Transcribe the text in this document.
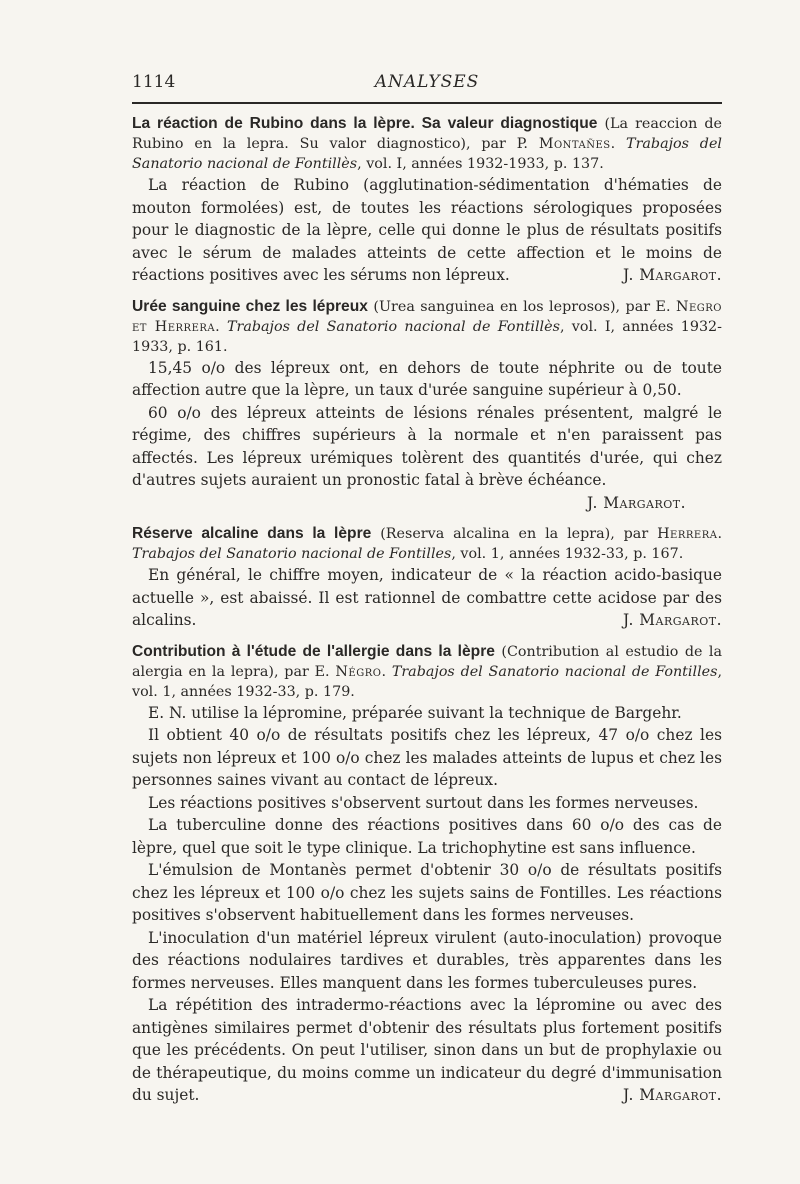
1114	ANALYSES

La réaction de Rubino dans la lèpre. Sa valeur diagnostique (La reaccion de Rubino en la lepra. Su valor diagnostico), par P. Montañes. Trabajos del Sanatorio nacional de Fontillès, vol. I, années 1932-1933, p. 137.

La réaction de Rubino (agglutination-sédimentation d'hématies de mouton formolées) est, de toutes les réactions sérologiques proposées pour le diagnostic de la lèpre, celle qui donne le plus de résultats positifs avec le sérum de malades atteints de cette affection et le moins de réactions positives avec les sérums non lépreux.	J. Margarot.

Urée sanguine chez les lépreux (Urea sanguinea en los leprosos), par E. Negro et Herrera. Trabajos del Sanatorio nacional de Fontillès, vol. I, années 1932-1933, p. 161.

15,45 o/o des lépreux ont, en dehors de toute néphrite ou de toute affection autre que la lèpre, un taux d'urée sanguine supérieur à 0,50.

60 o/o des lépreux atteints de lésions rénales présentent, malgré le régime, des chiffres supérieurs à la normale et n'en paraissent pas affectés. Les lépreux urémiques tolèrent des quantités d'urée, qui chez d'autres sujets auraient un pronostic fatal à brève échéance.

J. Margarot.

Réserve alcaline dans la lèpre (Reserva alcalina en la lepra), par Herrera. Trabajos del Sanatorio nacional de Fontilles, vol. 1, années 1932-33, p. 167.

En général, le chiffre moyen, indicateur de « la réaction acido-basique actuelle », est abaissé. Il est rationnel de combattre cette acidose par des alcalins.	J. Margarot.

Contribution à l'étude de l'allergie dans la lèpre (Contribution al estudio de la alergia en la lepra), par E. Négro. Trabajos del Sanatorio nacional de Fontilles, vol. 1, années 1932-33, p. 179.

E. N. utilise la lépromine, préparée suivant la technique de Bargehr.

Il obtient 40 o/o de résultats positifs chez les lépreux, 47 o/o chez les sujets non lépreux et 100 o/o chez les malades atteints de lupus et chez les personnes saines vivant au contact de lépreux.

Les réactions positives s'observent surtout dans les formes nerveuses.

La tuberculine donne des réactions positives dans 60 o/o des cas de lèpre, quel que soit le type clinique. La trichophytine est sans influence.

L'émulsion de Montanès permet d'obtenir 30 o/o de résultats positifs chez les lépreux et 100 o/o chez les sujets sains de Fontilles. Les réactions positives s'observent habituellement dans les formes nerveuses.

L'inoculation d'un matériel lépreux virulent (auto-inoculation) provoque des réactions nodulaires tardives et durables, très apparentes dans les formes nerveuses. Elles manquent dans les formes tuberculeuses pures.

La répétition des intradermo-réactions avec la lépromine ou avec des antigènes similaires permet d'obtenir des résultats plus fortement positifs que les précédents. On peut l'utiliser, sinon dans un but de prophylaxie ou de thérapeutique, du moins comme un indicateur du degré d'immunisation du sujet.	J. Margarot.
